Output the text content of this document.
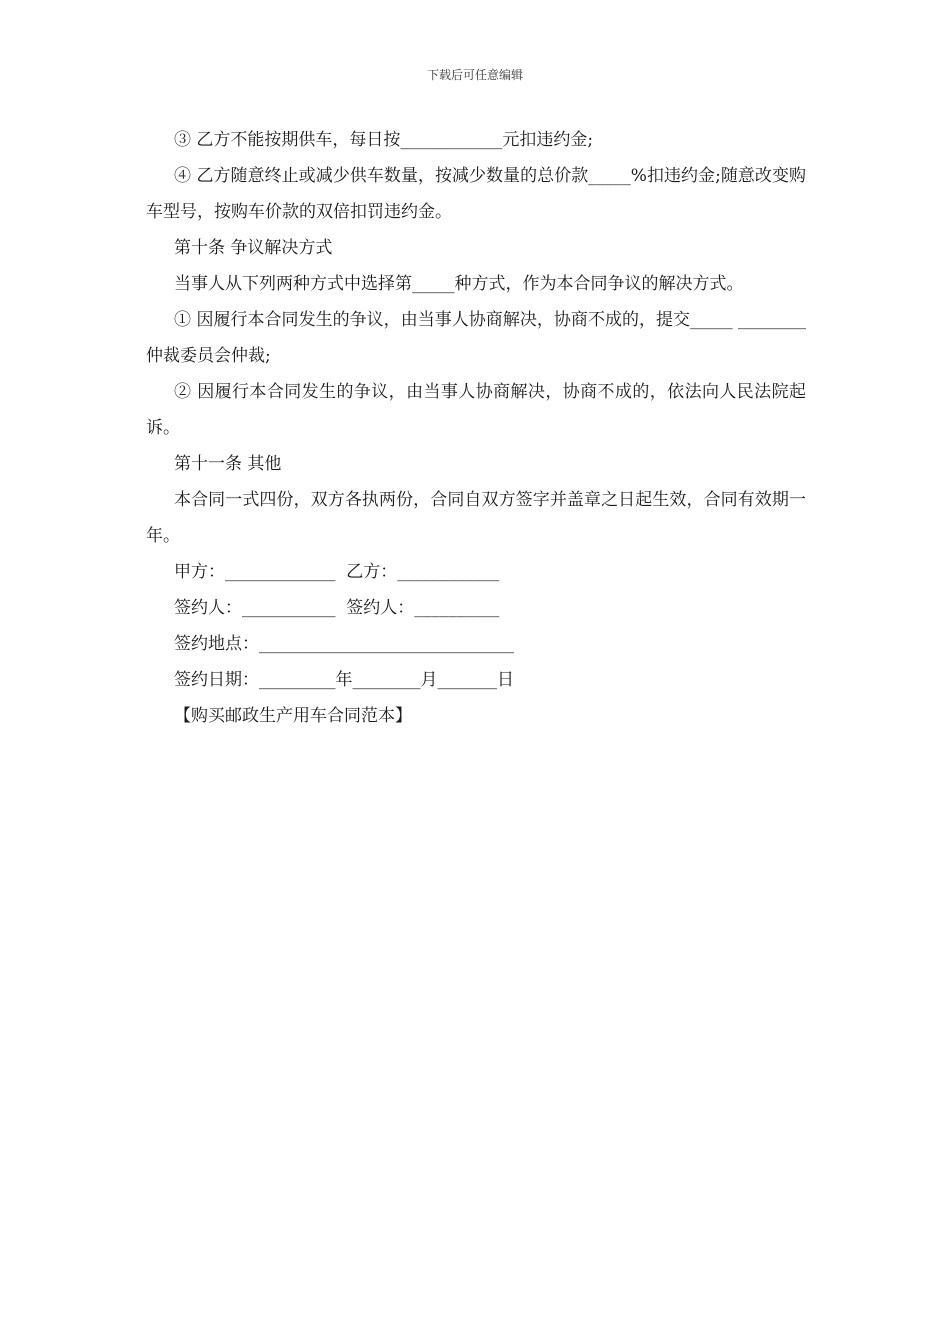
下载后可任意编辑

③ 乙方不能按期供车，每日按____________元扣违约金;

④ 乙方随意终止或减少供车数量，按减少数量的总价款_____%扣违约金;随意改变购车型号，按购车价款的双倍扣罚违约金。

第十条 争议解决方式

当事人从下列两种方式中选择第_____种方式，作为本合同争议的解决方式。

① 因履行本合同发生的争议，由当事人协商解决，协商不成的，提交_____ ________仲裁委员会仲裁;

② 因履行本合同发生的争议，由当事人协商解决，协商不成的，依法向人民法院起诉。

第十一条 其他

本合同一式四份，双方各执两份，合同自双方签字并盖章之日起生效，合同有效期一年。

甲方：_____________  乙方：____________

签约人：___________  签约人：__________

签约地点：______________________________

签约日期：_________年________月_______日

【购买邮政生产用车合同范本】
